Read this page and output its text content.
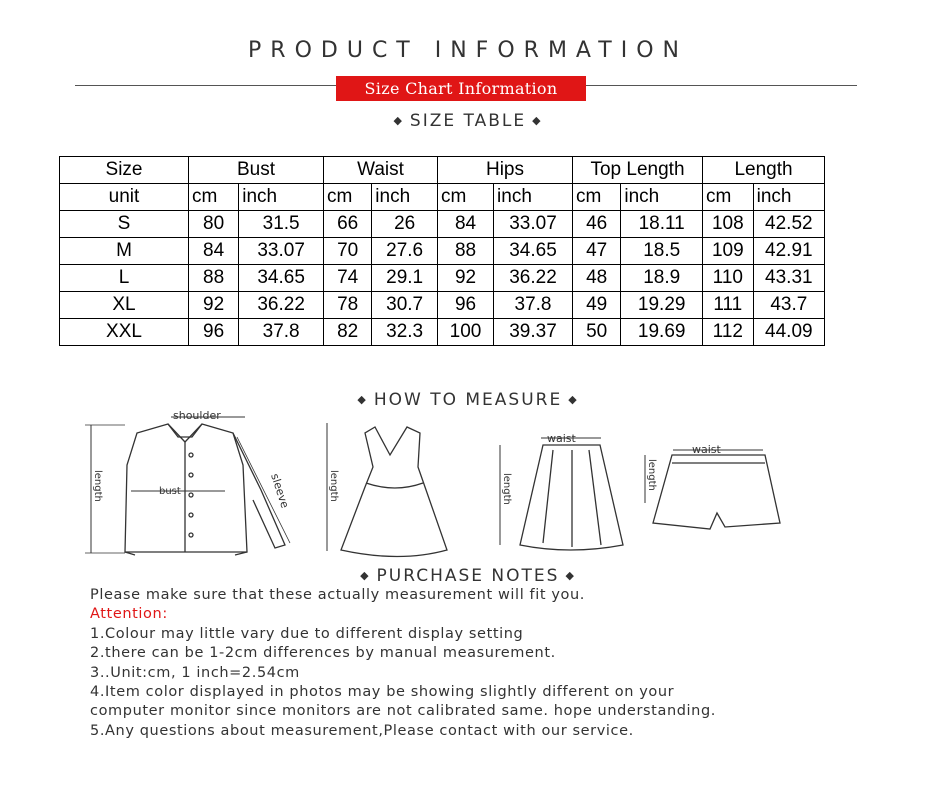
PRODUCT INFORMATION
Size Chart Information
◆ SIZE TABLE ◆
Size	Bust		Waist		Hips		Top Length		Length	
unit	cm	inch	cm	inch	cm	inch	cm	inch	cm	inch
S	80	31.5	66	26	84	33.07	46	18.11	108	42.52
M	84	33.07	70	27.6	88	34.65	47	18.5	109	42.91
L	88	34.65	74	29.1	92	36.22	48	18.9	110	43.31
XL	92	36.22	78	30.7	96	37.8	49	19.29	111	43.7
XXL	96	37.8	82	32.3	100	39.37	50	19.69	112	44.09
◆ HOW TO MEASURE ◆
shoulder
bust
length	sleeve	length
waist
length
waist
length
◆ PURCHASE NOTES ◆
Please make sure that these actually measurement will fit you.
Attention:
1.Colour may little vary due to different display setting
2.there can be 1-2cm differences by manual measurement.
3..Unit:cm, 1 inch=2.54cm
4.Item color displayed in photos may be showing slightly different on your
computer monitor since monitors are not calibrated same. hope understanding.
5.Any questions about measurement,Please contact with our service.
